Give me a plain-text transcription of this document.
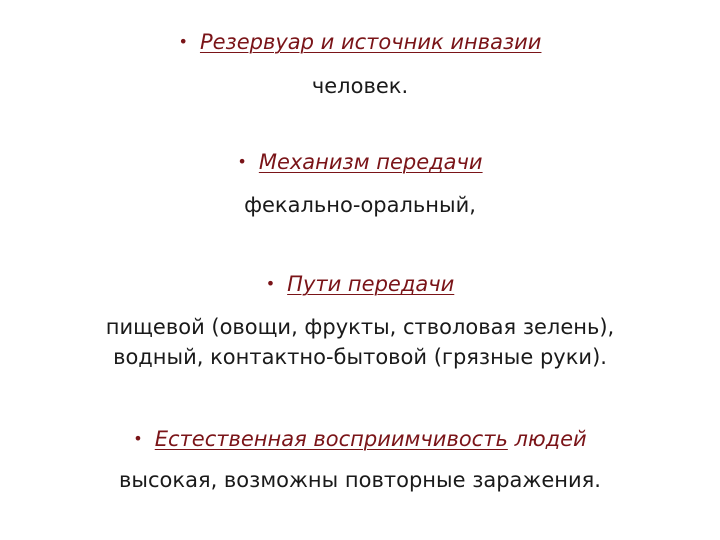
• Резервуар и источник инвазии
человек.
• Механизм передачи
фекально-оральный,
• Пути передачи
пищевой (овощи, фрукты, стволовая зелень),
водный, контактно-бытовой (грязные руки).
• Естественная восприимчивость людей
высокая, возможны повторные заражения.
